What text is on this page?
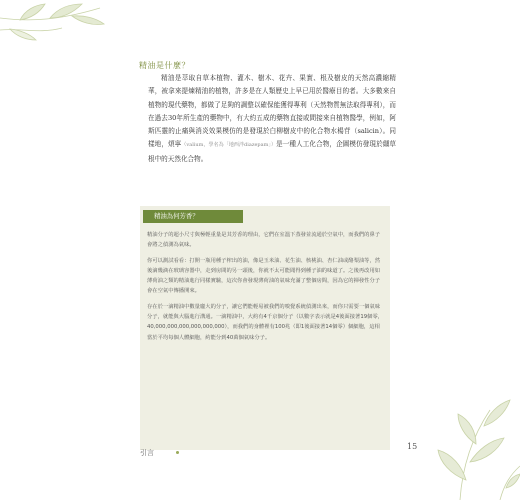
精油是什麼？

精油是萃取自草本植物、灌木、樹木、花卉、果實、根及樹皮的天然高濃縮精華，被拿來提煉精油的植物，許多是在人類歷史上早已用於醫療目的者。大多數來自植物的現代藥物，都做了足夠的調整以確保能獲得專利（天然物質無法取得專利），而在過去30年所生產的藥物中，有大約五成的藥物直接或間接來自植物醫學，例如，阿斯匹靈的止痛與消炎效果模仿的是發現於白柳樹皮中的化合物水楊苷（salicin）。同樣地，煩寧（valium，學名為「地西泮diazepam」）是一種人工化合物，企圖模仿發現於纈草根中的天然化合物。

精油為何芳香？

精油分子的超小尺寸與極輕重量是其芳香的理由，它們在室溫下蒸發並流通於空氣中，而我們的鼻子會將之偵測為氣味。

你可以測試看看：打開一瓶用種子榨出的油，像是玉米油、花生油、核桃油、杏仁油或酪梨油等，然後滴幾滴在玻璃容器中，走到房間的另一頭後，你就不太可能聞得到種子油的味道了。之後再改用如薄荷油之類的精油進行同樣實驗，這次你會發現薄荷油的氣味充滿了整個房間，因為它的揮發性分子會在空氣中傳播開來。

存在於一滴精油中數量龐大的分子，讓它們能輕易被我們的嗅覺系統偵測出來，而你只需要一個氣味分子，就能與大腦進行溝通。一滴精油中，大約有4千京個分子（以數字表示就是4後面接著19個零，40,000,000,000,000,000,000），而我們的身體裡有100兆（即1後面接著14個零）個細胞，這相當於平均每個人體細胞，約能分到40萬個氣味分子。

引言
15
